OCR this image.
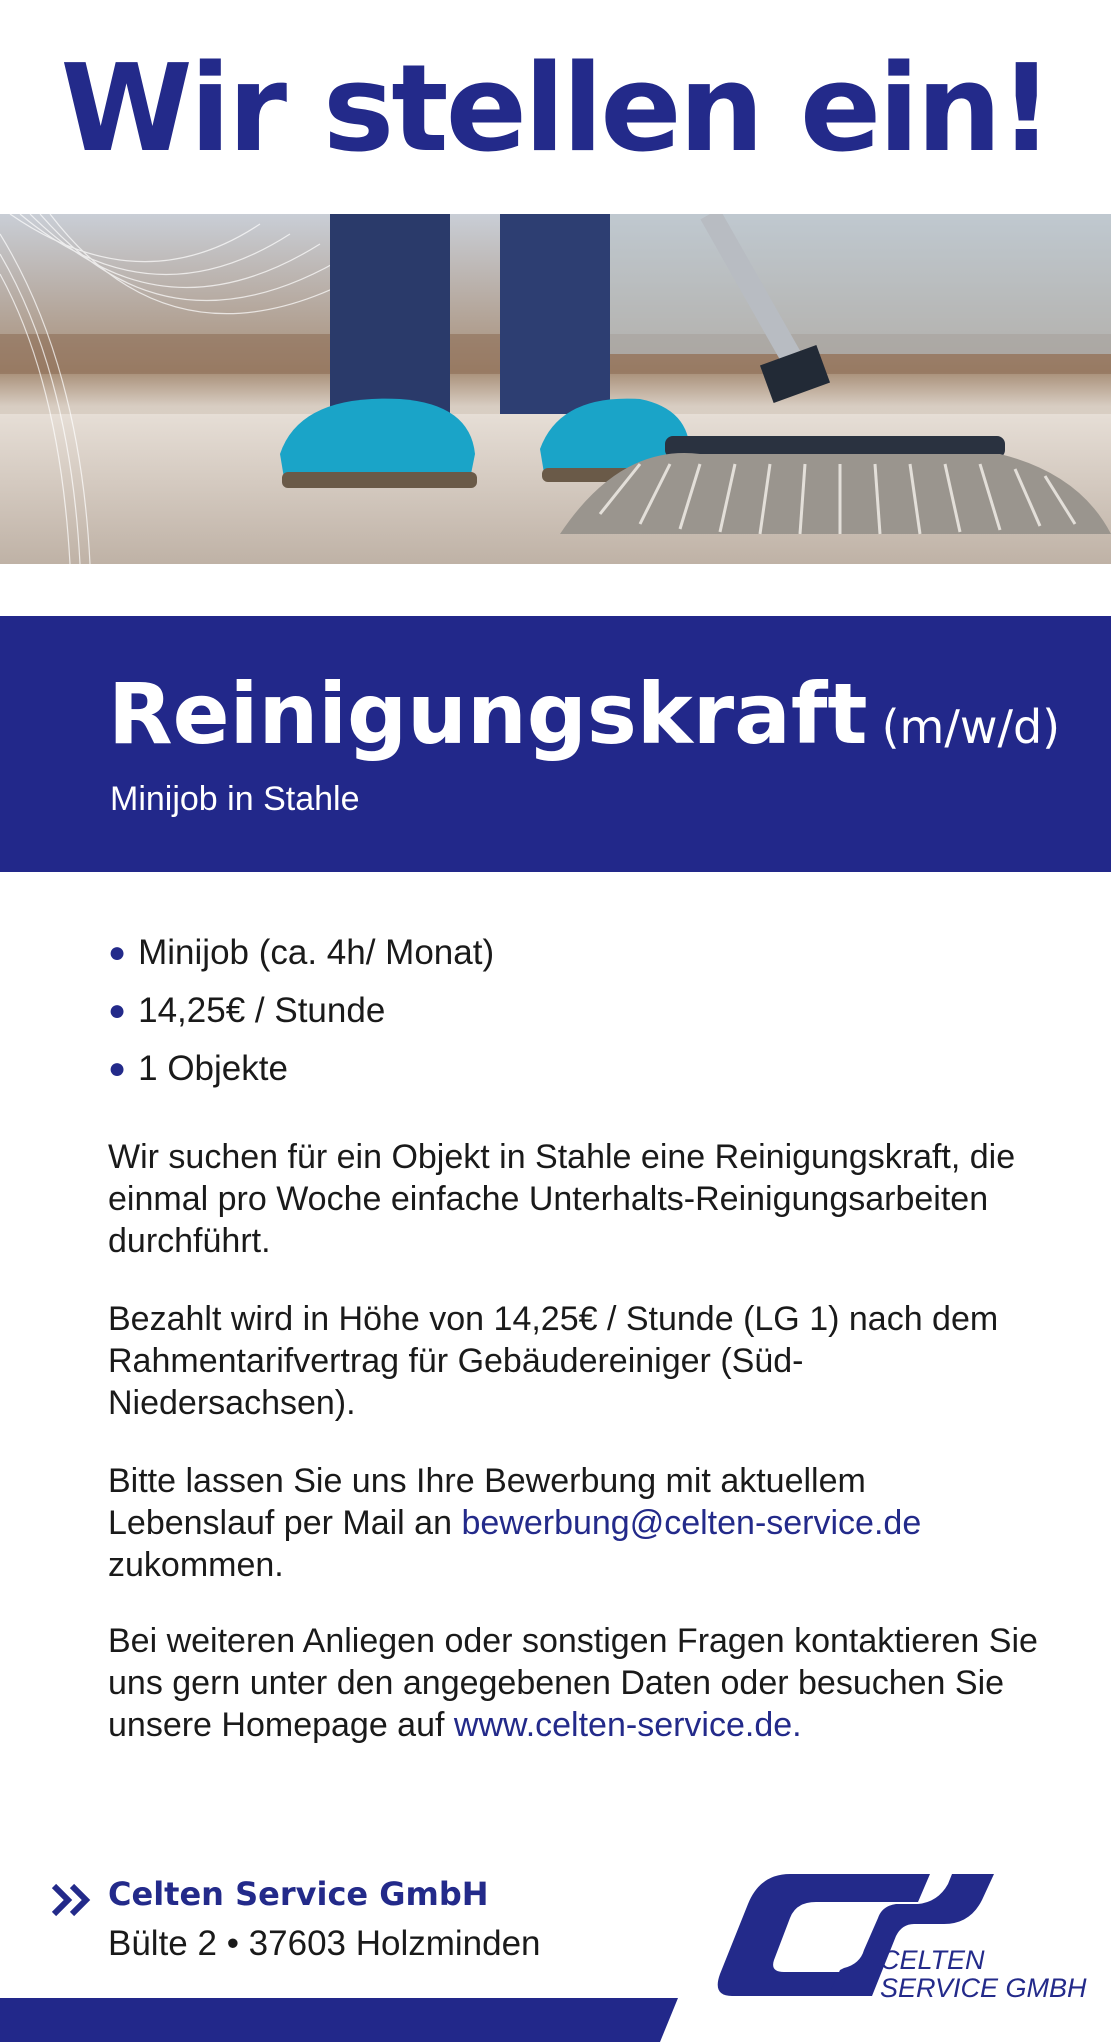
Wir stellen ein!
Reinigungskraft (m/w/d)
Minijob in Stahle
● Minijob (ca. 4h/ Monat)
● 14,25€ / Stunde
● 1 Objekte

Wir suchen für ein Objekt in Stahle eine Reinigungskraft, die einmal pro Woche einfache Unterhalts-Reinigungsarbeiten durchführt.

Bezahlt wird in Höhe von 14,25€ / Stunde (LG 1) nach dem Rahmentarifvertrag für Gebäudereiniger (Süd-Niedersachsen).

Bitte lassen Sie uns Ihre Bewerbung mit aktuellem Lebenslauf per Mail an bewerbung@celten-service.de zukommen.

Bei weiteren Anliegen oder sonstigen Fragen kontaktieren Sie uns gern unter den angegebenen Daten oder besuchen Sie unsere Homepage auf www.celten-service.de.

Celten Service GmbH
Bülte 2 • 37603 Holzminden	CELTEN
SERVICE GMBH
